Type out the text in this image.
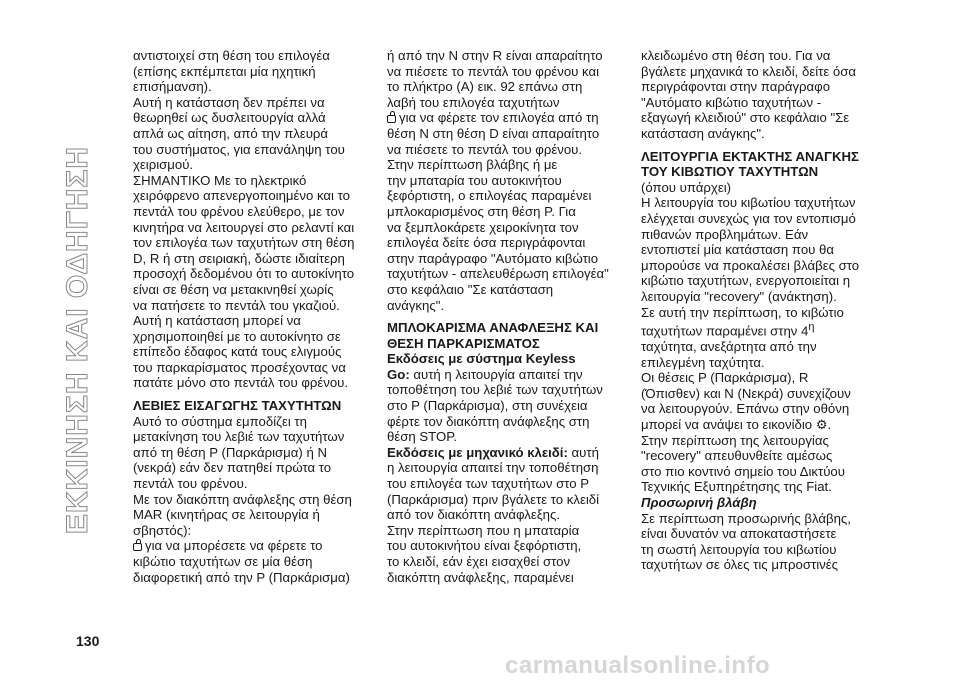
ΕΚΚΙΝΗΣΗ ΚΑΙ ΟΔΗΓΗΣΗ
130

αντιστοιχεί στη θέση του επιλογέα

(επίσης εκπέμπεται μία ηχητική

επισήμανση).

Αυτή η κατάσταση δεν πρέπει να

θεωρηθεί ως δυσλειτουργία αλλά

απλά ως αίτηση, από την πλευρά

του συστήματος, για επανάληψη του

χειρισμού.

ΣΗΜΑΝΤΙΚΟ Με το ηλεκτρικό

χειρόφρενο απενεργοποιημένο και το

πεντάλ του φρένου ελεύθερο, με τον

κινητήρα να λειτουργεί στο ρελαντί και

τον επιλογέα των ταχυτήτων στη θέση

D, R ή στη σειριακή, δώστε ιδιαίτερη

προσοχή δεδομένου ότι το αυτοκίνητο

είναι σε θέση να μετακινηθεί χωρίς

να πατήσετε το πεντάλ του γκαζιού.

Αυτή η κατάσταση μπορεί να

χρησιμοποιηθεί με το αυτοκίνητο σε

επίπεδο έδαφος κατά τους ελιγμούς

του παρκαρίσματος προσέχοντας να

πατάτε μόνο στο πεντάλ του φρένου.

ΛΕΒΙΕΣ ΕΙΣΑΓΩΓΗΣ ΤΑΧΥΤΗΤΩΝ

Αυτό το σύστημα εμποδίζει τη

μετακίνηση του λεβιέ των ταχυτήτων

από τη θέση P (Παρκάρισμα) ή N

(νεκρά) εάν δεν πατηθεί πρώτα το

πεντάλ του φρένου.

Με τον διακόπτη ανάφλεξης στη θέση

MAR (κινητήρας σε λειτουργία ή

σβηστός):

για να μπορέσετε να φέρετε το

κιβώτιο ταχυτήτων σε μία θέση

διαφορετική από την P (Παρκάρισμα)

ή από την N στην R είναι απαραίτητο

να πιέσετε το πεντάλ του φρένου και

το πλήκτρο (A) εικ. 92 επάνω στη

λαβή του επιλογέα ταχυτήτων

για να φέρετε τον επιλογέα από τη

θέση N στη θέση D είναι απαραίτητο

να πιέσετε το πεντάλ του φρένου.

Στην περίπτωση βλάβης ή με

την μπαταρία του αυτοκινήτου

ξεφόρτιστη, ο επιλογέας παραμένει

μπλοκαρισμένος στη θέση P. Για

να ξεμπλοκάρετε χειροκίνητα τον

επιλογέα δείτε όσα περιγράφονται

στην παράγραφο "Αυτόματο κιβώτιο

ταχυτήτων - απελευθέρωση επιλογέα"

στο κεφάλαιο "Σε κατάσταση

ανάγκης".

ΜΠΛΟΚΑΡΙΣΜΑ ΑΝΑΦΛΕΞΗΣ ΚΑΙ

ΘΕΣΗ ΠΑΡΚΑΡΙΣΜΑΤΟΣ

Εκδόσεις με σύστημα Keyless

Go: αυτή η λειτουργία απαιτεί την

τοποθέτηση του λεβιέ των ταχυτήτων

στο P (Παρκάρισμα), στη συνέχεια

φέρτε τον διακόπτη ανάφλεξης στη

θέση STOP.

Εκδόσεις με μηχανικό κλειδί: αυτή

η λειτουργία απαιτεί την τοποθέτηση

του επιλογέα των ταχυτήτων στο P

(Παρκάρισμα) πριν βγάλετε το κλειδί

από τον διακόπτη ανάφλεξης.

Στην περίπτωση που η μπαταρία

του αυτοκινήτου είναι ξεφόρτιστη,

το κλειδί, εάν έχει εισαχθεί στον

διακόπτη ανάφλεξης, παραμένει

κλειδωμένο στη θέση του. Για να

βγάλετε μηχανικά το κλειδί, δείτε όσα

περιγράφονται στην παράγραφο

"Αυτόματο κιβώτιο ταχυτήτων -

εξαγωγή κλειδιού" στο κεφάλαιο "Σε

κατάσταση ανάγκης".

ΛΕΙΤΟΥΡΓΙΑ ΕΚΤΑΚΤΗΣ ΑΝΑΓΚΗΣ

ΤΟΥ ΚΙΒΩΤΙΟΥ ΤΑΧΥΤΗΤΩΝ

(όπου υπάρχει)

Η λειτουργία του κιβωτίου ταχυτήτων

ελέγχεται συνεχώς για τον εντοπισμό

πιθανών προβλημάτων. Εάν

εντοπιστεί μία κατάσταση που θα

μπορούσε να προκαλέσει βλάβες στο

κιβώτιο ταχυτήτων, ενεργοποιείται η

λειτουργία "recovery" (ανάκτηση).

Σε αυτή την περίπτωση, το κιβώτιο

ταχυτήτων παραμένει στην $4^\eta$

ταχύτητα, ανεξάρτητα από την

επιλεγμένη ταχύτητα.

Οι θέσεις P (Παρκάρισμα), R

(Όπισθεν) και N (Νεκρά) συνεχίζουν

να λειτουργούν. Επάνω στην οθόνη

μπορεί να ανάψει το εικονίδιο ⚙.

Στην περίπτωση της λειτουργίας

"recovery" απευθυνθείτε αμέσως

στο πιο κοντινό σημείο του Δικτύου

Τεχνικής Εξυπηρέτησης της Fiat.

Προσωρινή βλάβη

Σε περίπτωση προσωρινής βλάβης,

είναι δυνατόν να αποκαταστήσετε

τη σωστή λειτουργία του κιβωτίου

ταχυτήτων σε όλες τις μπροστινές

carmanualsonline.info
